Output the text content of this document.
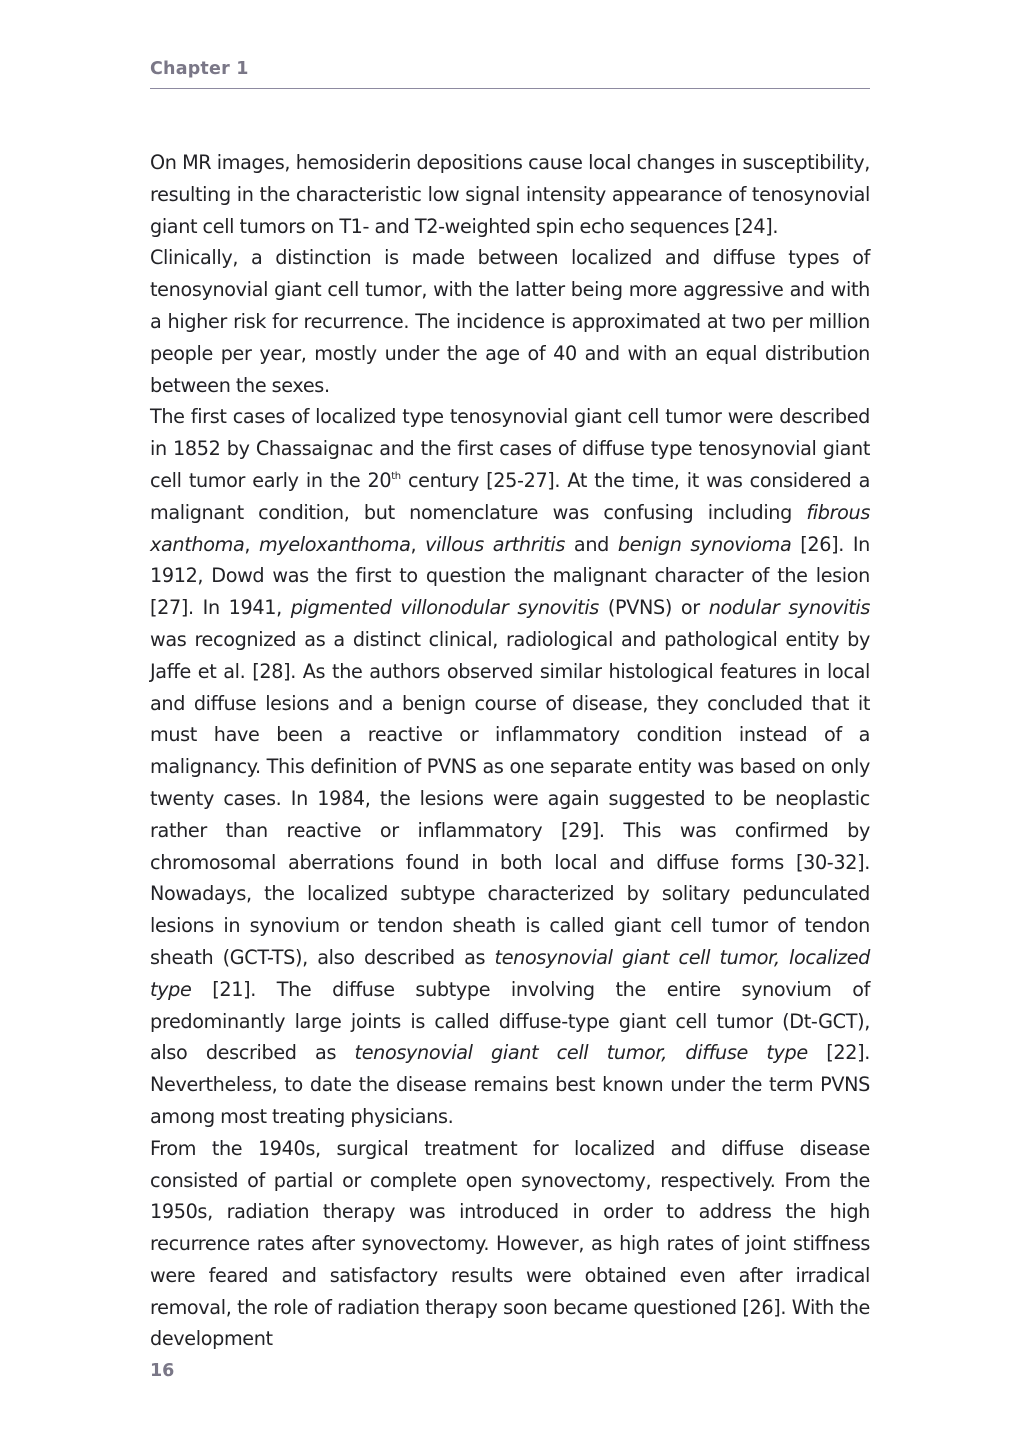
Chapter 1

On MR images, hemosiderin depositions cause local changes in susceptibility, resulting in the characteristic low signal intensity appearance of tenosynovial giant cell tumors on T1- and T2-weighted spin echo sequences [24].

Clinically, a distinction is made between localized and diffuse types of tenosynovial giant cell tumor, with the latter being more aggressive and with a higher risk for recurrence. The incidence is approximated at two per million people per year, mostly under the age of 40 and with an equal distribution between the sexes.

The first cases of localized type tenosynovial giant cell tumor were described in 1852 by Chassaignac and the first cases of diffuse type tenosynovial giant cell tumor early in the 20th century [25-27]. At the time, it was considered a malignant condition, but nomenclature was confusing including fibrous xanthoma, myeloxanthoma, villous arthritis and benign synovioma [26]. In 1912, Dowd was the first to question the malignant character of the lesion [27]. In 1941, pigmented villonodular synovitis (PVNS) or nodular synovitis was recognized as a distinct clinical, radiological and pathological entity by Jaffe et al. [28]. As the authors observed similar histological features in local and diffuse lesions and a benign course of disease, they concluded that it must have been a reactive or inflammatory condition instead of a malignancy. This definition of PVNS as one separate entity was based on only twenty cases. In 1984, the lesions were again suggested to be neoplastic rather than reactive or inflammatory [29]. This was confirmed by chromosomal aberrations found in both local and diffuse forms [30-32]. Nowadays, the localized subtype characterized by solitary pedunculated lesions in synovium or tendon sheath is called giant cell tumor of tendon sheath (GCT-TS), also described as tenosynovial giant cell tumor, localized type [21]. The diffuse subtype involving the entire synovium of predominantly large joints is called diffuse-type giant cell tumor (Dt-GCT), also described as tenosynovial giant cell tumor, diffuse type [22]. Nevertheless, to date the disease remains best known under the term PVNS among most treating physicians.

From the 1940s, surgical treatment for localized and diffuse disease consisted of partial or complete open synovectomy, respectively. From the 1950s, radiation therapy was introduced in order to address the high recurrence rates after synovectomy. However, as high rates of joint stiffness were feared and satisfactory results were obtained even after irradical removal, the role of radiation therapy soon became questioned [26]. With the development

16
